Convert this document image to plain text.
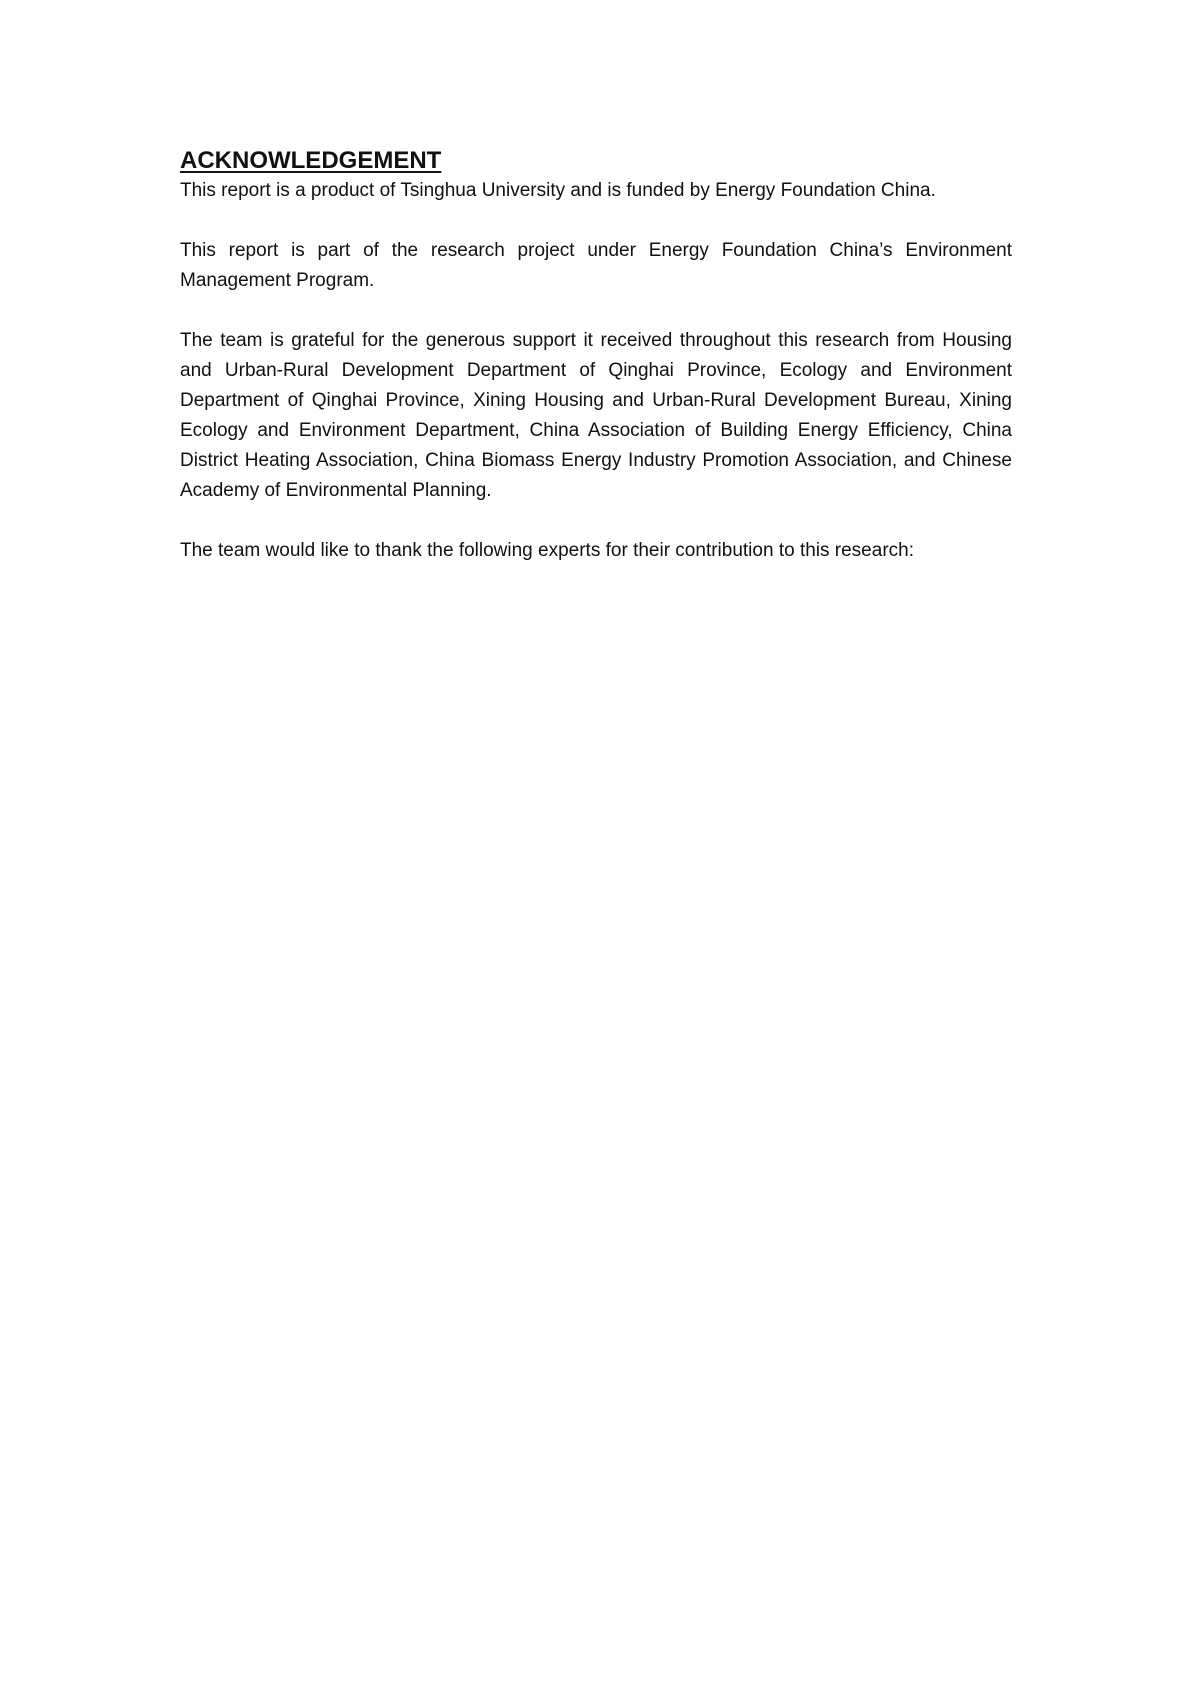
ACKNOWLEDGEMENT

This report is a product of Tsinghua University and is funded by Energy Foundation China.

This report is part of the research project under Energy Foundation China’s Environment Management Program.

The team is grateful for the generous support it received throughout this research from Housing and Urban-Rural Development Department of Qinghai Province, Ecology and Environment Department of Qinghai Province, Xining Housing and Urban-Rural Development Bureau, Xining Ecology and Environment Department, China Association of Building Energy Efficiency, China District Heating Association, China Biomass Energy Industry Promotion Association, and Chinese Academy of Environmental Planning.

The team would like to thank the following experts for their contribution to this research:
